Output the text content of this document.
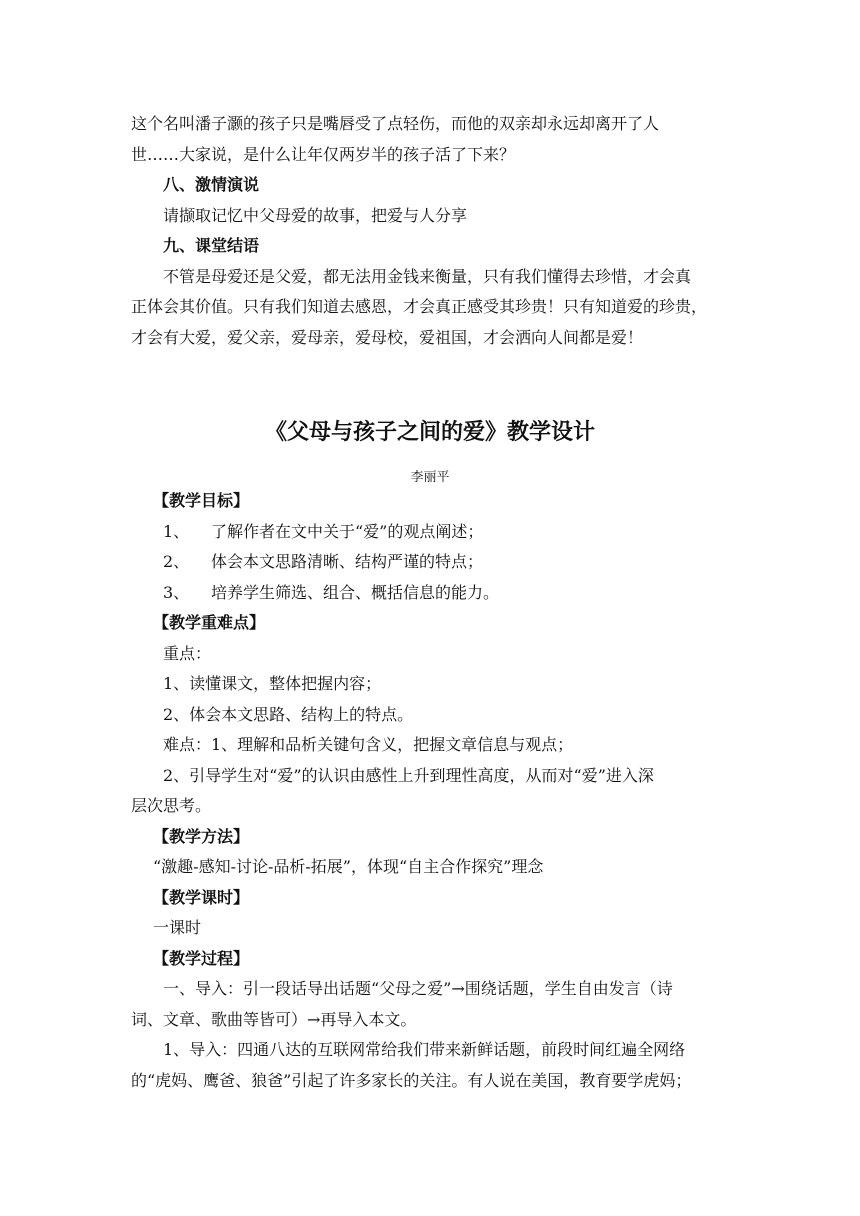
这个名叫潘子灏的孩子只是嘴唇受了点轻伤，而他的双亲却永远却离开了人

世……大家说，是什么让年仅两岁半的孩子活了下来？

八、激情演说

请撷取记忆中父母爱的故事，把爱与人分享

九、课堂结语

不管是母爱还是父爱，都无法用金钱来衡量，只有我们懂得去珍惜，才会真

正体会其价值。只有我们知道去感恩，才会真正感受其珍贵！只有知道爱的珍贵，

才会有大爱，爱父亲，爱母亲，爱母校，爱祖国，才会洒向人间都是爱！

《父母与孩子之间的爱》教学设计

李丽平

【教学目标】

1、 了解作者在文中关于“爱”的观点阐述；

2、 体会本文思路清晰、结构严谨的特点；

3、 培养学生筛选、组合、概括信息的能力。

【教学重难点】

重点：

1、读懂课文，整体把握内容；

2、体会本文思路、结构上的特点。

难点：1、理解和品析关键句含义，把握文章信息与观点；

2、引导学生对“爱”的认识由感性上升到理性高度，从而对“爱”进入深

层次思考。

【教学方法】

“激趣-感知-讨论-品析-拓展”，体现“自主合作探究”理念

【教学课时】

一课时

【教学过程】

一、导入：引一段话导出话题“父母之爱”→围绕话题，学生自由发言（诗

词、文章、歌曲等皆可）→再导入本文。

1、导入：四通八达的互联网常给我们带来新鲜话题，前段时间红遍全网络

的“虎妈、鹰爸、狼爸”引起了许多家长的关注。有人说在美国，教育要学虎妈；
